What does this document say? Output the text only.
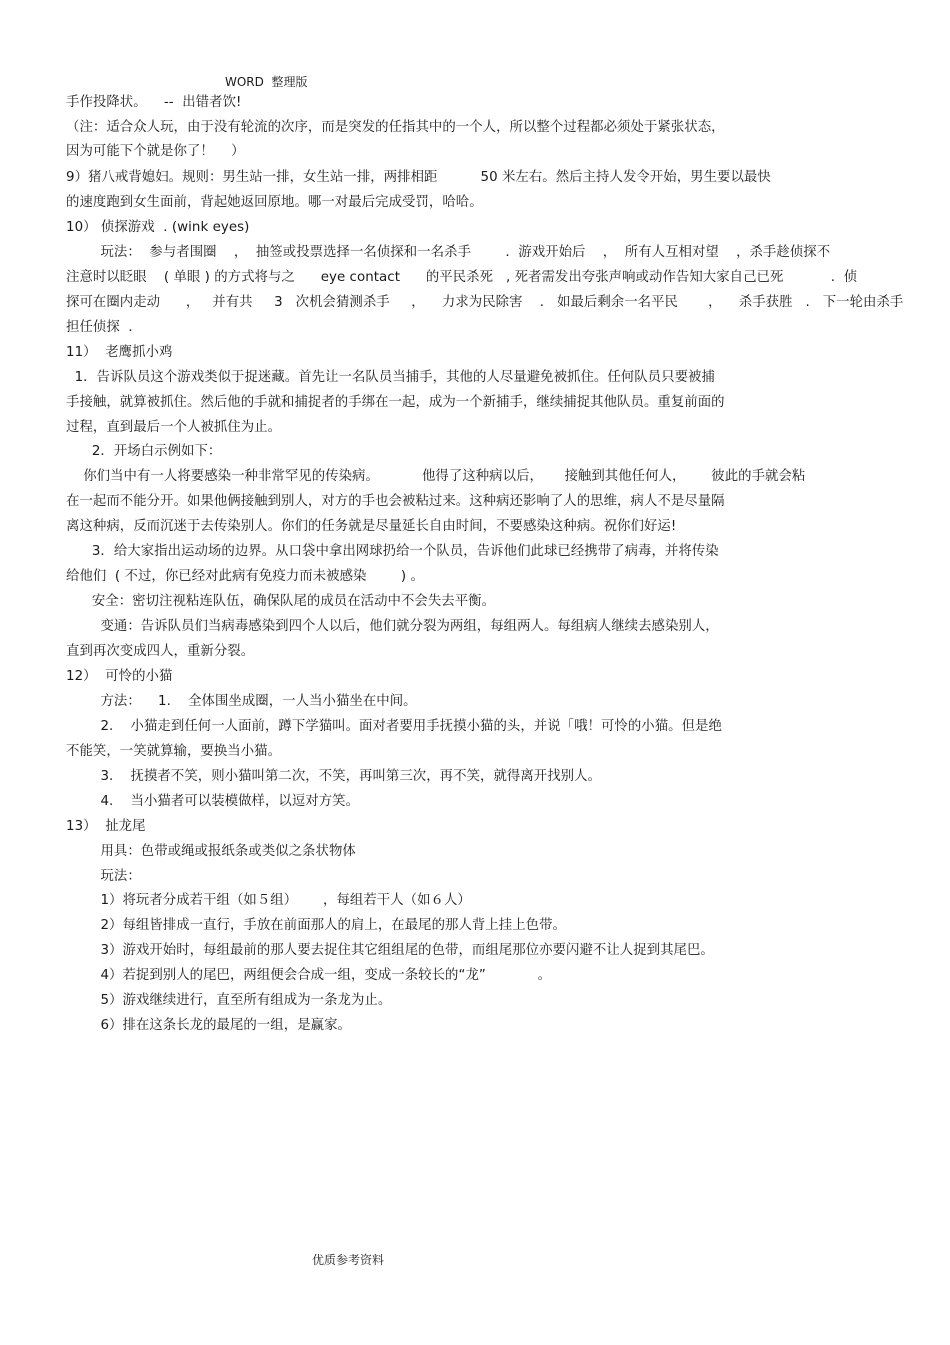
WORD  整理版
手作投降状。    --  出错者饮!
（注：适合众人玩，由于没有轮流的次序，而是突发的任指其中的一个人，所以整个过程都必须处于紧张状态，
因为可能下个就是你了！    ）
9）猪八戒背媳妇。规则：男生站一排，女生站一排，两排相距          50 米左右。然后主持人发令开始，男生要以最快
的速度跑到女生面前，背起她返回原地。哪一对最后完成受罚，哈哈。
10） 侦探游戏  . (wink eyes)
玩法：  参与者围圈    ，  抽签或投票选择一名侦探和一名杀手        .  游戏开始后    ，  所有人互相对望    ，杀手趁侦探不
注意时以眨眼    ( 单眼 ) 的方式将与之      eye contact      的平民杀死   , 死者需发出夸张声响或动作告知大家自己已死           .  侦
探可在圈内走动      ，   并有共     3   次机会猜测杀手     ，    力求为民除害    .   如最后剩余一名平民       ，    杀手获胜   .   下一轮由杀手
担任侦探  .
11）  老鹰抓小鸡
1．告诉队员这个游戏类似于捉迷藏。首先让一名队员当捕手，其他的人尽量避免被抓住。任何队员只要被捕
手接触，就算被抓住。然后他的手就和捕捉者的手绑在一起，成为一个新捕手，继续捕捉其他队员。重复前面的
过程，直到最后一个人被抓住为止。
2．开场白示例如下：
你们当中有一人将要感染一种非常罕见的传染病。          他得了这种病以后，     接触到其他任何人，      彼此的手就会粘
在一起而不能分开。如果他俩接触到别人，对方的手也会被粘过来。这种病还影响了人的思维，病人不是尽量隔
离这种病，反而沉迷于去传染别人。你们的任务就是尽量延长自由时间，不要感染这种病。祝你们好运!
3．给大家指出运动场的边界。从口袋中拿出网球扔给一个队员，告诉他们此球已经携带了病毒，并将传染
给他们  ( 不过，你已经对此病有免疫力而未被感染        ) 。
安全：密切注视粘连队伍，确保队尾的成员在活动中不会失去平衡。
变通：告诉队员们当病毒感染到四个人以后，他们就分裂为两组，每组两人。每组病人继续去感染别人，
直到再次变成四人，重新分裂。
12）  可怜的小猫
方法：    1.    全体围坐成圈，一人当小猫坐在中间。
2.    小猫走到任何一人面前，蹲下学猫叫。面对者要用手抚摸小猫的头，并说「哦！可怜的小猫。但是绝
不能笑，一笑就算输，要换当小猫。
3.    抚摸者不笑，则小猫叫第二次，不笑，再叫第三次，再不笑，就得离开找别人。
4.    当小猫者可以装模做样，以逗对方笑。
13）  扯龙尾
用具：色带或绳或报纸条或类似之条状物体
玩法：
1）将玩者分成若干组（如５组）      ，每组若干人（如６人）
2）每组皆排成一直行，手放在前面那人的肩上，在最尾的那人背上挂上色带。
3）游戏开始时，每组最前的那人要去捉住其它组组尾的色带，而组尾那位亦要闪避不让人捉到其尾巴。
4）若捉到别人的尾巴，两组便会合成一组，变成一条较长的“龙”            。
5）游戏继续进行，直至所有组成为一条龙为止。
6）排在这条长龙的最尾的一组，是赢家。
优质参考资料
